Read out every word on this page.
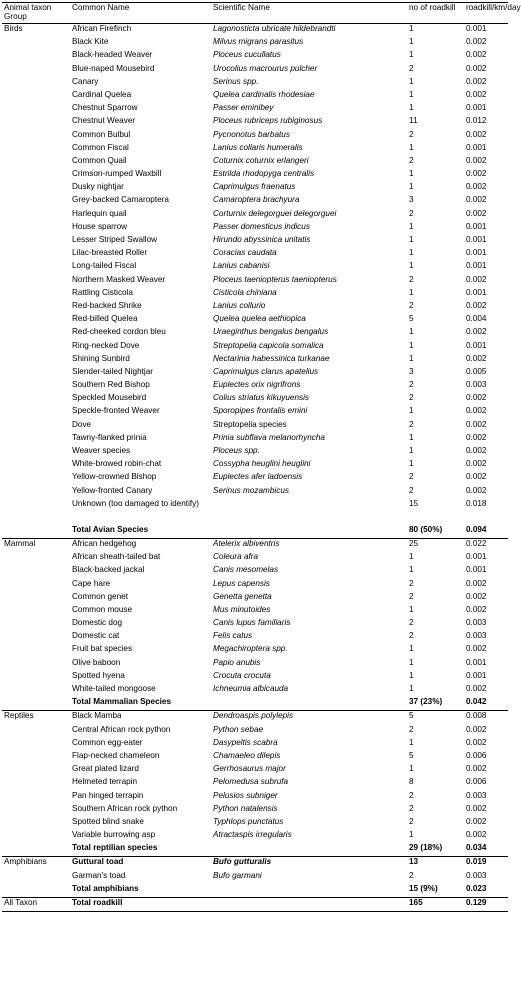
Animal taxon Group	Common Name	Scientific Name	no of roadkill	roadkill/km/day
Birds	African Firefinch	Lagonosticta ubricate hildebrandti	1	0.001
	Black Kite	Milvus migrans parasitus	1	0.002
	Black-headed Weaver	Ploceus cucullatus	1	0.002
	Blue-naped Mousebird	Urocolius macrourus pulcher	2	0.002
	Canary	Serinus spp.	1	0.002
	Cardinal Quelea	Quelea cardinalis rhodesiae	1	0.002
	Chestnut Sparrow	Passer eminibey	1	0.001
	Chestnut Weaver	Ploceus rubriceps rubiginosus	11	0.012
	Common Bulbul	Pycnonotus barbatus	2	0.002
	Common Fiscal	Lanius collaris humeralis	1	0.001
	Common Quail	Coturnix coturnix erlangeri	2	0.002
	Crimson-rumped Waxbill	Estrilda rhodopyga centralis	1	0.002
	Dusky nightjar	Caprimulgus fraenatus	1	0.002
	Grey-backed Camaroptera	Camaroptera brachyura	3	0.002
	Harlequin quail	Corturnix delegorguei delegorguei	2	0.002
	House sparrow	Passer domesticus indicus	1	0.001
	Lesser Striped Swallow	Hirundo abyssinica unitatis	1	0.001
	Lilac-breasted Roller	Coracias caudata	1	0.001
	Long-tailed Fiscal	Lanius cabanisi	1	0.001
	Northern Masked Weaver	Ploceus taeniopterus taeniopterus	2	0.002
	Rattling Cisticola	Cisticola chiniana	1	0.001
	Red-backed Shrike	Lanius collurio	2	0.002
	Red-billed Quelea	Quelea quelea aethiopica	5	0.004
	Red-cheeked cordon bleu	Uraeginthus bengalus bengalus	1	0.002
	Ring-necked Dove	Streptopelia capicola somalica	1	0.001
	Shining Sunbird	Nectarinia habessinica turkanae	1	0.002
	Slender-tailed Nightjar	Caprimulgus clarus apatelius	3	0.005
	Southern Red Bishop	Euplectes orix nigrifrons	2	0.003
	Speckled Mousebird	Colius striatus kikuyuensis	2	0.002
	Speckle-fronted Weaver	Sporopipes frontalis emini	1	0.002
	Dove	Streptopelia species	2	0.002
	Tawny-flanked prinia	Prinia subflava melanorhyncha	1	0.002
	Weaver species	Ploceus spp.	1	0.002
	White-browed robin-chat	Cossypha heuglini heuglini	1	0.002
	Yellow-crowned Bishop	Euplectes afer ladoensis	2	0.002
	Yellow-fronted Canary	Serinus mozambicus	2	0.002
	Unknown (too damaged to identify)		15	0.018
	Total Avian Species		80 (50%)	0.094
Mammal	African hedgehog	Atelerix albiventris	25	0.022
	African sheath-tailed bat	Coleura afra	1	0.001
	Black-backed jackal	Canis mesomelas	1	0.001
	Cape hare	Lepus capensis	2	0.002
	Common genet	Genetta genetta	2	0.002
	Common mouse	Mus minutoides	1	0.002
	Domestic dog	Canis lupus familiaris	2	0.003
	Domestic cat	Felis catus	2	0.003
	Fruit bat species	Megachiroptera spp.	1	0.002
	Olive baboon	Papio anubis	1	0.001
	Spotted hyena	Crocuta crocuta	1	0.001
	White-tailed mongoose	Ichneumia albicauda	1	0.002
	Total Mammalian Species		37 (23%)	0.042
Reptiles	Black Mamba	Dendroaspis polylepis	5	0.008
	Central African rock python	Python sebae	2	0.002
	Common egg-eater	Dasypeltis scabra	1	0.002
	Flap-necked chameleon	Chamaeleo dilepis	5	0.006
	Great plated lizard	Gerrhosaurus major	1	0.002
	Helmeted terrapin	Pelomedusa subrufa	8	0.006
	Pan hinged terrapin	Pelusios subniger	2	0.003
	Southern African rock python	Python natalensis	2	0.002
	Spotted blind snake	Typhlops punctatus	2	0.002
	Variable burrowing asp	Atractaspis irregularis	1	0.002
	Total reptilian species		29 (18%)	0.034
Amphibians	Guttural toad	Bufo gutturalis	13	0.019
	Garman's toad	Bufo garmani	2	0.003
	Total amphibians		15 (9%)	0.023
All Taxon	Total roadkill		165	0.129
